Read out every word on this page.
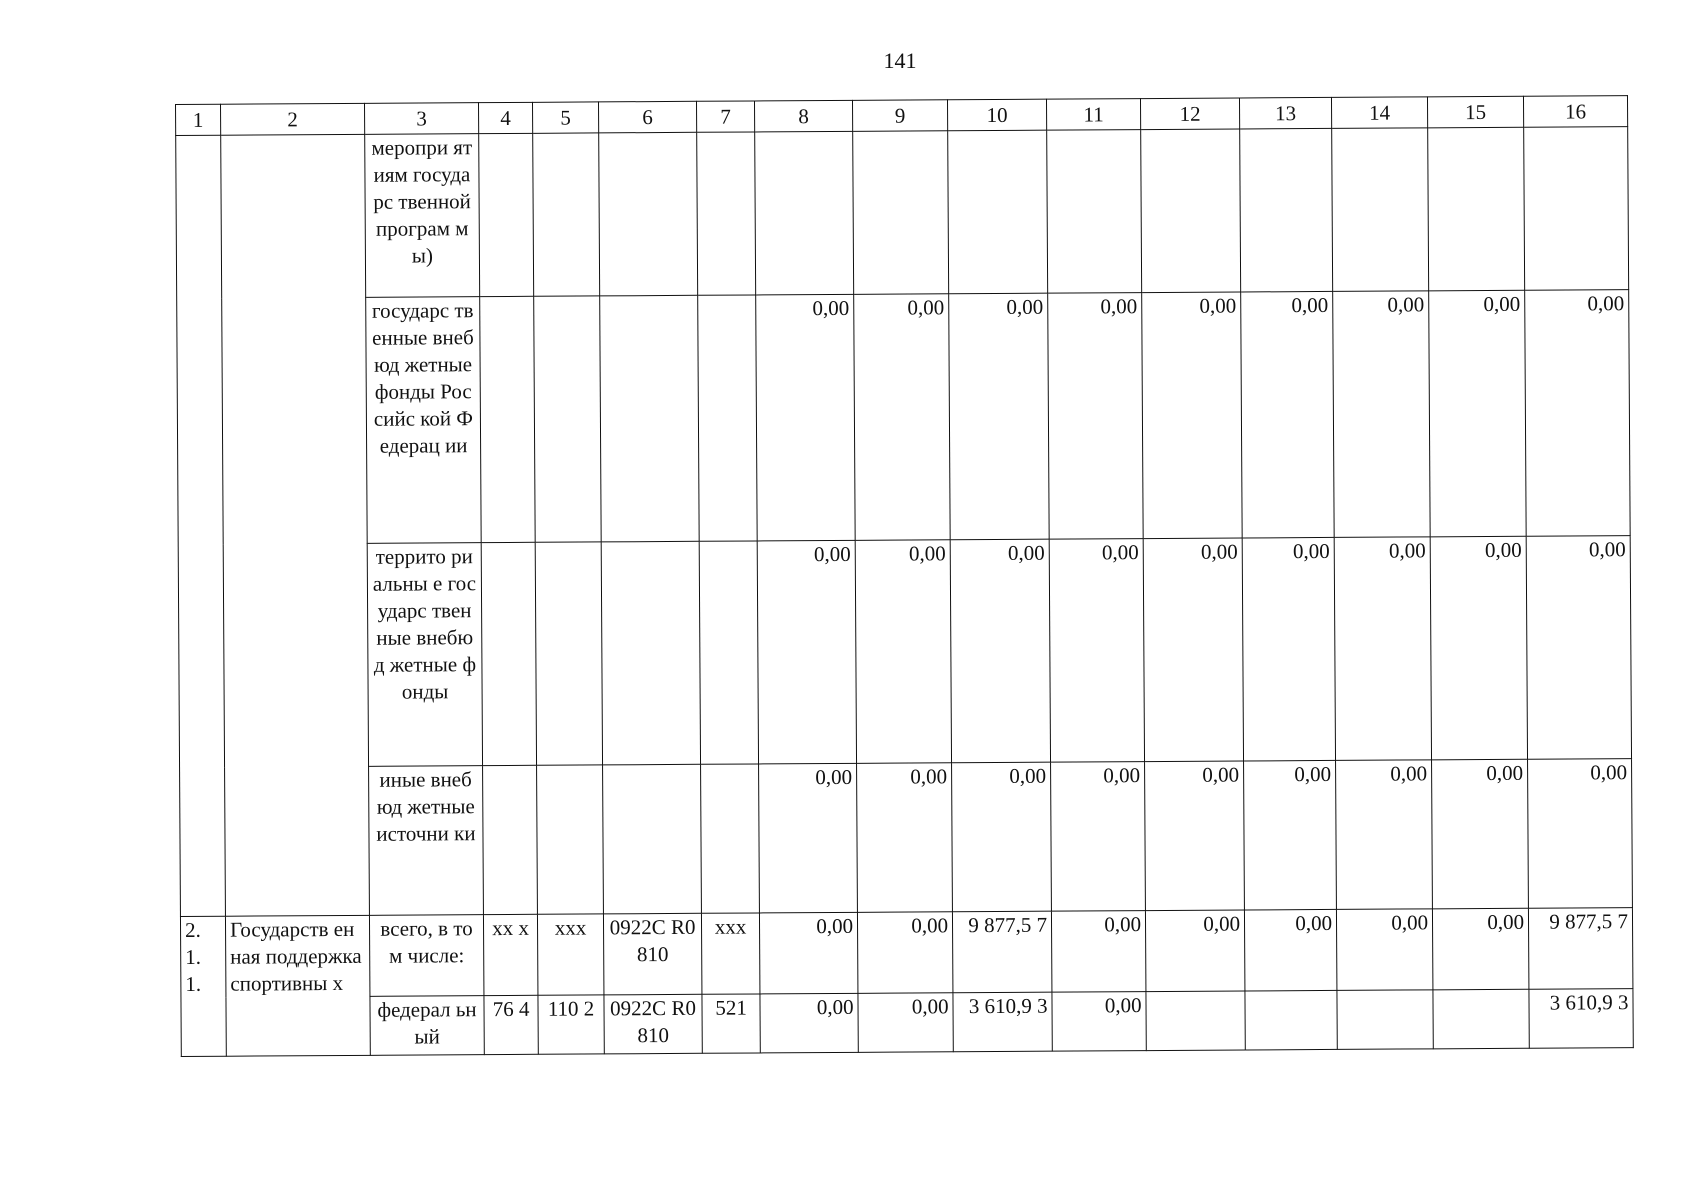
141
1	2	3	4	5	6	7	8	9	10	11	12	13	14	15	16
		меропри ятиям государс твенной програм мы)													
		государс твенные внебюд жетные фонды Российс кой Федерац ии					0,00	0,00	0,00	0,00	0,00	0,00	0,00	0,00	0,00
		террито риальны е государс твенные внебюд жетные фонды					0,00	0,00	0,00	0,00	0,00	0,00	0,00	0,00	0,00
		иные внебюд жетные источни ки					0,00	0,00	0,00	0,00	0,00	0,00	0,00	0,00	0,00
2. 1. 1.	Государств енная поддержка спортивны х	всего, в том числе:	xx x	xxx	0922C R0810	xxx	0,00	0,00	9 877,5 7	0,00	0,00	0,00	0,00	0,00	9 877,5 7
		федерал ьный	76 4	110 2	0922C R0810	521	0,00	0,00	3 610,9 3	0,00					3 610,9 3
